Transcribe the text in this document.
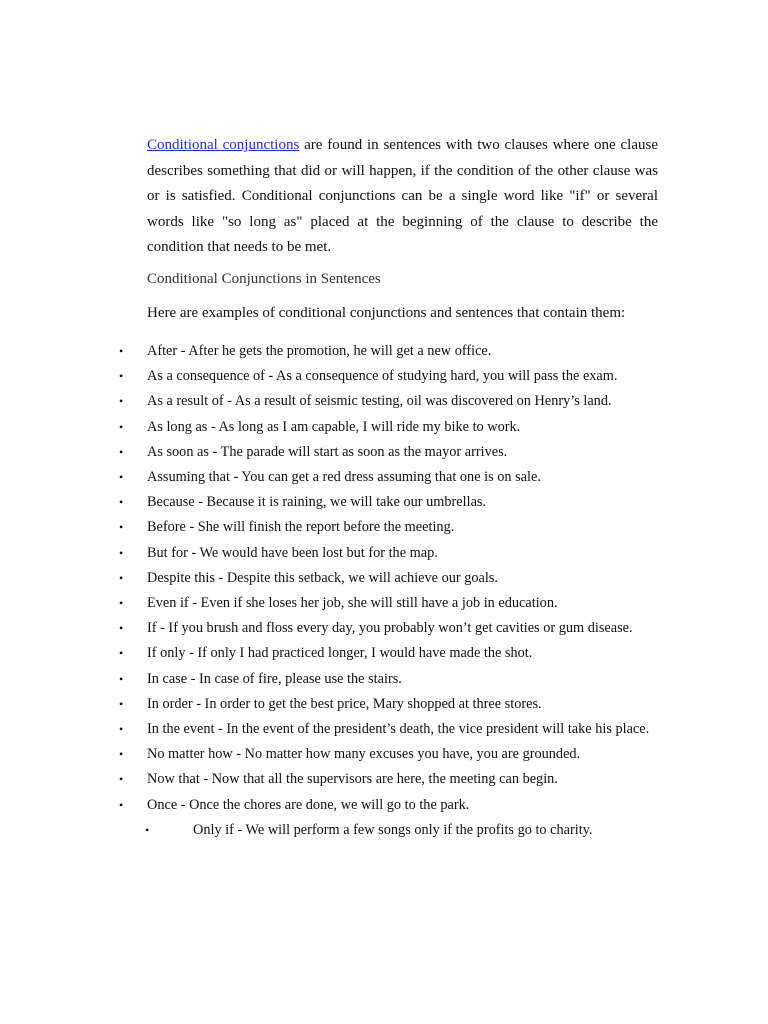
Conditional conjunctions are found in sentences with two clauses where one clause describes something that did or will happen, if the condition of the other clause was or is satisfied. Conditional conjunctions can be a single word like "if" or several words like "so long as" placed at the beginning of the clause to describe the condition that needs to be met.

Conditional Conjunctions in Sentences

Here are examples of conditional conjunctions and sentences that contain them:

• After - After he gets the promotion, he will get a new office.
• As a consequence of - As a consequence of studying hard, you will pass the exam.
• As a result of - As a result of seismic testing, oil was discovered on Henry’s land.
• As long as - As long as I am capable, I will ride my bike to work.
• As soon as - The parade will start as soon as the mayor arrives.
• Assuming that - You can get a red dress assuming that one is on sale.
• Because - Because it is raining, we will take our umbrellas.
• Before - She will finish the report before the meeting.
• But for - We would have been lost but for the map.
• Despite this - Despite this setback, we will achieve our goals.
• Even if - Even if she loses her job, she will still have a job in education.
• If - If you brush and floss every day, you probably won’t get cavities or gum disease.
• If only - If only I had practiced longer, I would have made the shot.
• In case - In case of fire, please use the stairs.
• In order - In order to get the best price, Mary shopped at three stores.
• In the event - In the event of the president’s death, the vice president will take his place.
• No matter how - No matter how many excuses you have, you are grounded.
• Now that - Now that all the supervisors are here, the meeting can begin.
• Once - Once the chores are done, we will go to the park.
•	Only if - We will perform a few songs only if the profits go to charity.
